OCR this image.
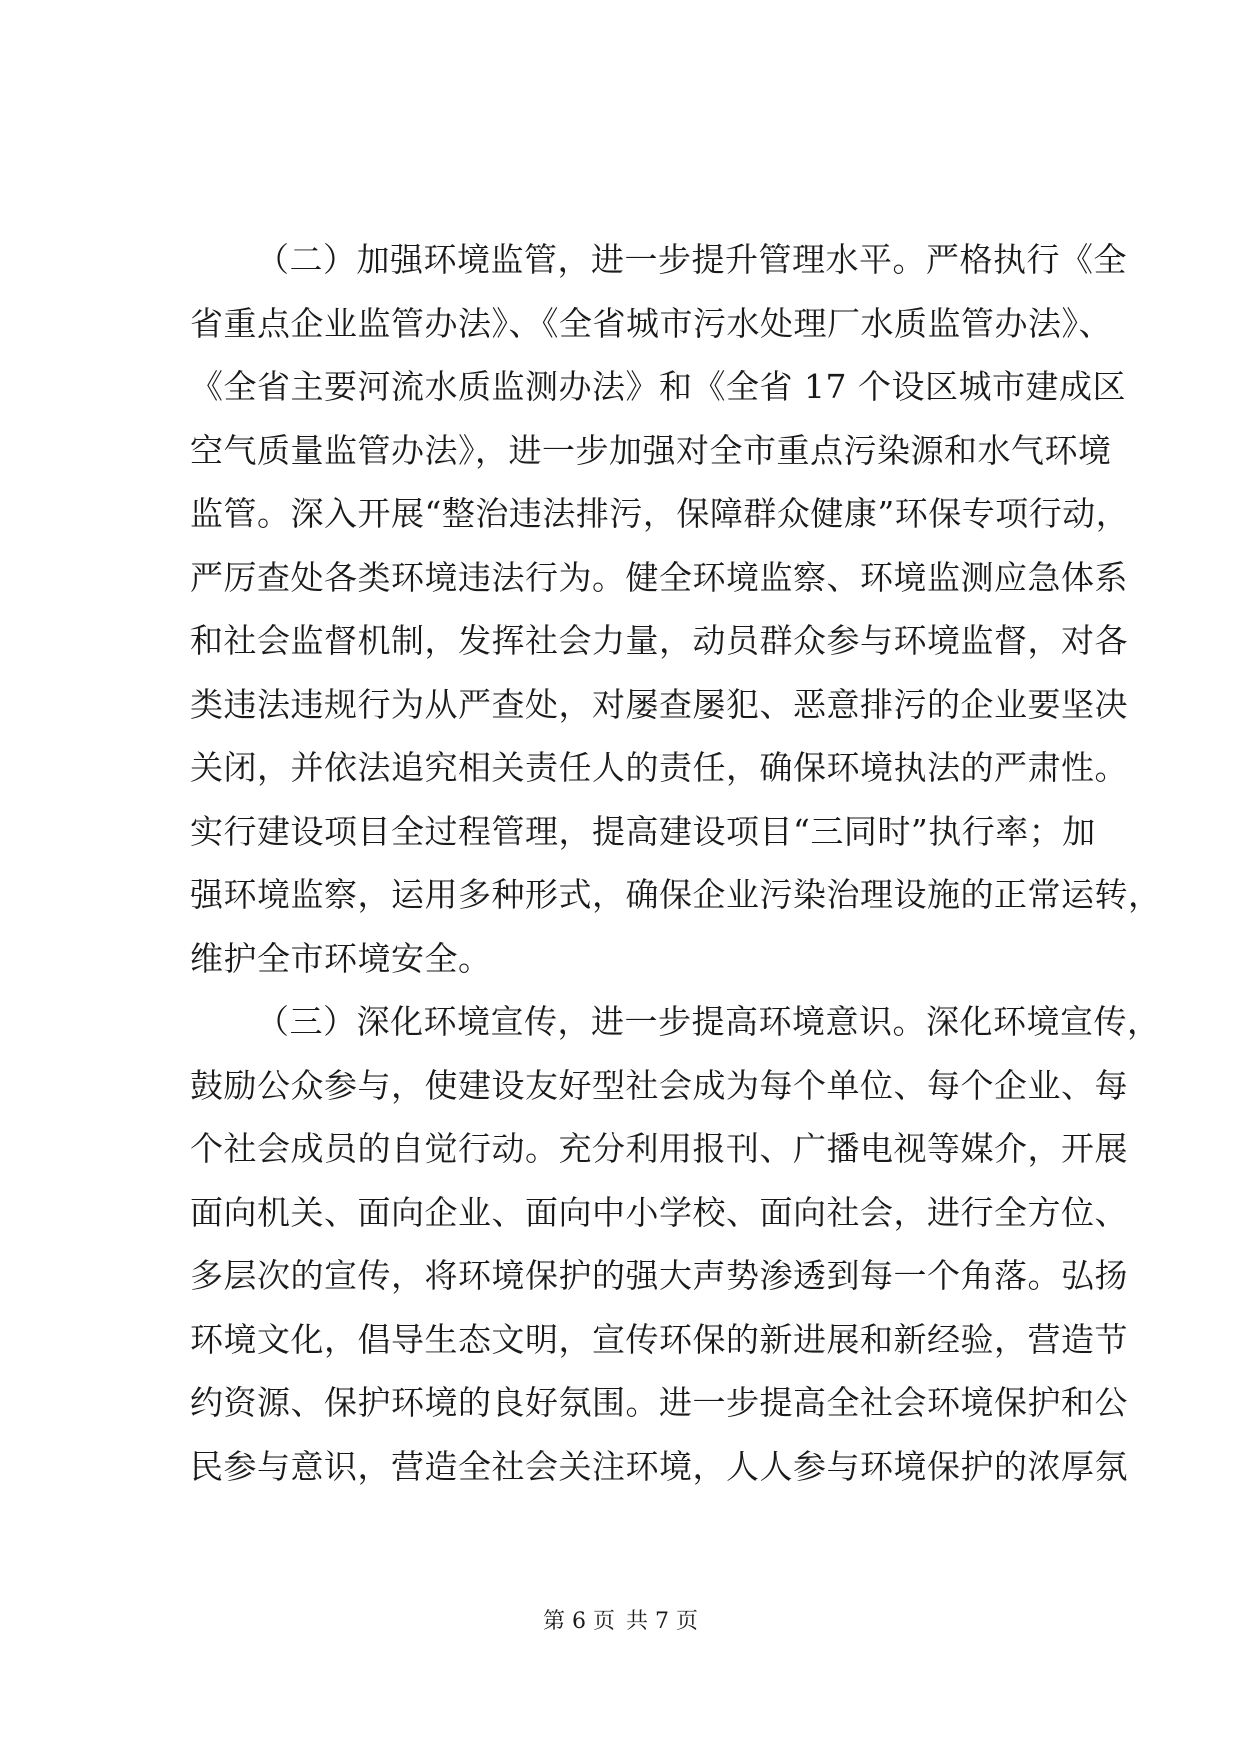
（二）加强环境监管，进一步提升管理水平。严格执行《全
省重点企业监管办法》、《全省城市污水处理厂水质监管办法》、
《全省主要河流水质监测办法》和《全省 17 个设区城市建成区
空气质量监管办法》，进一步加强对全市重点污染源和水气环境
监管。深入开展“整治违法排污，保障群众健康”环保专项行动，
严厉查处各类环境违法行为。健全环境监察、环境监测应急体系
和社会监督机制，发挥社会力量，动员群众参与环境监督，对各
类违法违规行为从严查处，对屡查屡犯、恶意排污的企业要坚决
关闭，并依法追究相关责任人的责任，确保环境执法的严肃性。
实行建设项目全过程管理，提高建设项目“三同时”执行率；加
强环境监察，运用多种形式，确保企业污染治理设施的正常运转，
维护全市环境安全。
（三）深化环境宣传，进一步提高环境意识。深化环境宣传，
鼓励公众参与，使建设友好型社会成为每个单位、每个企业、每
个社会成员的自觉行动。充分利用报刊、广播电视等媒介，开展
面向机关、面向企业、面向中小学校、面向社会，进行全方位、
多层次的宣传，将环境保护的强大声势渗透到每一个角落。弘扬
环境文化，倡导生态文明，宣传环保的新进展和新经验，营造节
约资源、保护环境的良好氛围。进一步提高全社会环境保护和公
民参与意识，营造全社会关注环境，人人参与环境保护的浓厚氛
第 6 页 共 7 页
